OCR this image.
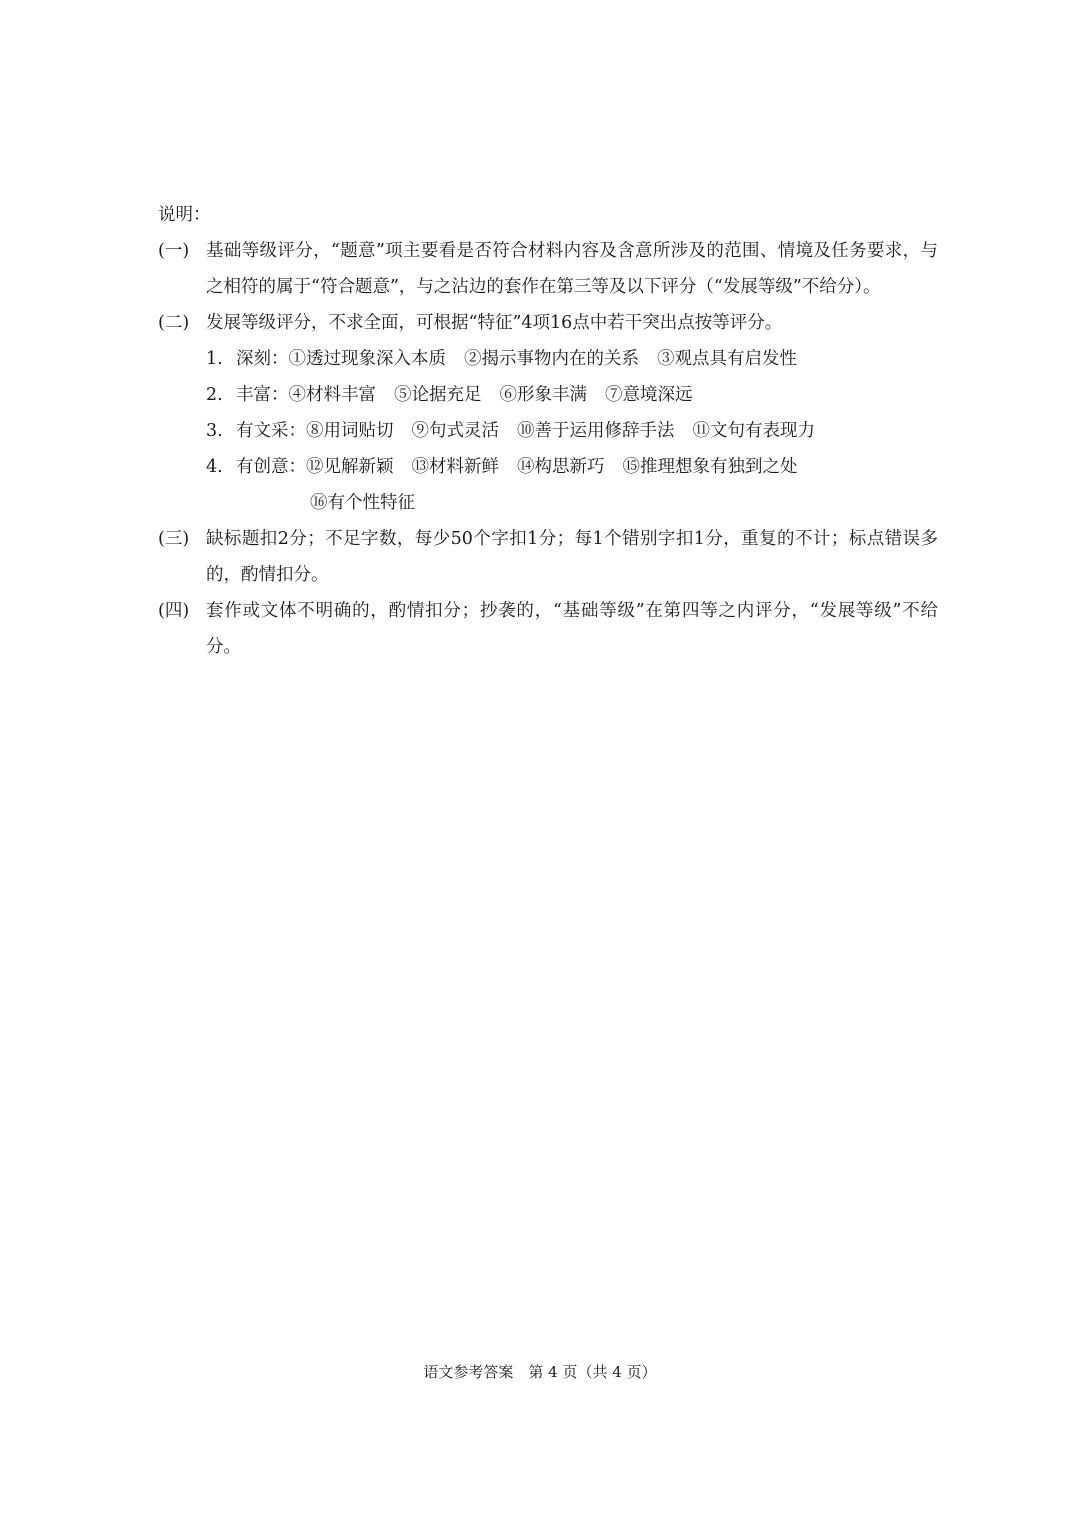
说明：

(一) 基础等级评分，“题意”项主要看是否符合材料内容及含意所涉及的范围、情境及任务要求，与之相符的属于“符合题意”，与之沾边的套作在第三等及以下评分（“发展等级”不给分）。
(二) 发展等级评分，不求全面，可根据“特征”4项16点中若干突出点按等评分。
1. 深刻：①透过现象深入本质 ②揭示事物内在的关系 ③观点具有启发性
2. 丰富：④材料丰富 ⑤论据充足 ⑥形象丰满 ⑦意境深远
3. 有文采：⑧用词贴切 ⑨句式灵活 ⑩善于运用修辞手法 ⑪文句有表现力
4. 有创意：⑫见解新颖 ⑬材料新鲜 ⑭构思新巧 ⑮推理想象有独到之处
⑯有个性特征
(三) 缺标题扣2分；不足字数，每少50个字扣1分；每1个错别字扣1分，重复的不计；标点错误多的，酌情扣分。
(四) 套作或文体不明确的，酌情扣分；抄袭的，“基础等级”在第四等之内评分，“发展等级”不给分。
语文参考答案　第 4 页（共 4 页）
